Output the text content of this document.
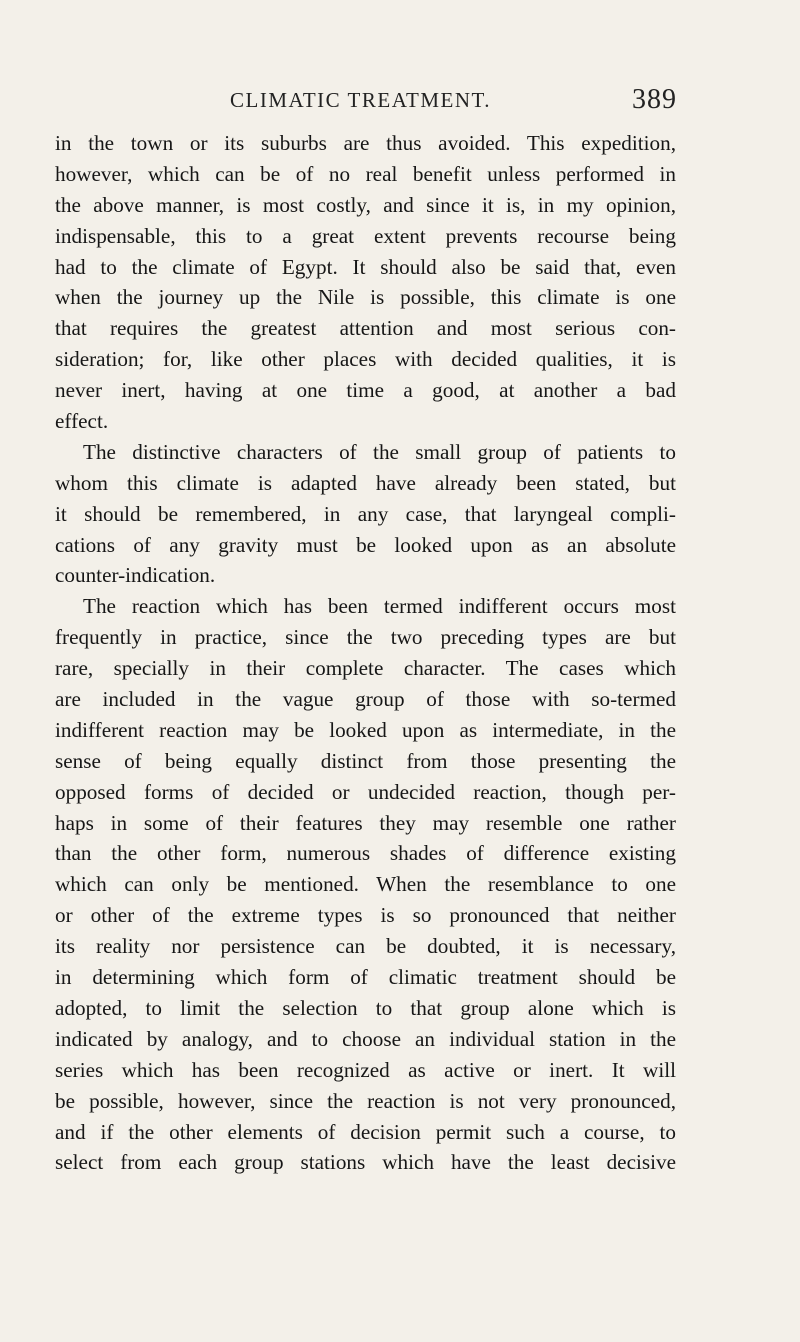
CLIMATIC TREATMENT.	389
in the town or its suburbs are thus avoided. This expedition,
however, which can be of no real benefit unless performed in
the above manner, is most costly, and since it is, in my opinion,
indispensable, this to a great extent prevents recourse being
had to the climate of Egypt. It should also be said that, even
when the journey up the Nile is possible, this climate is one
that requires the greatest attention and most serious con-
sideration; for, like other places with decided qualities, it is
never inert, having at one time a good, at another a bad
effect.
The distinctive characters of the small group of patients to
whom this climate is adapted have already been stated, but
it should be remembered, in any case, that laryngeal compli-
cations of any gravity must be looked upon as an absolute
counter-indication.
The reaction which has been termed indifferent occurs most
frequently in practice, since the two preceding types are but
rare, specially in their complete character. The cases which
are included in the vague group of those with so-termed
indifferent reaction may be looked upon as intermediate, in the
sense of being equally distinct from those presenting the
opposed forms of decided or undecided reaction, though per-
haps in some of their features they may resemble one rather
than the other form, numerous shades of difference existing
which can only be mentioned. When the resemblance to one
or other of the extreme types is so pronounced that neither
its reality nor persistence can be doubted, it is necessary,
in determining which form of climatic treatment should be
adopted, to limit the selection to that group alone which is
indicated by analogy, and to choose an individual station in the
series which has been recognized as active or inert. It will
be possible, however, since the reaction is not very pronounced,
and if the other elements of decision permit such a course, to
select from each group stations which have the least decisive
